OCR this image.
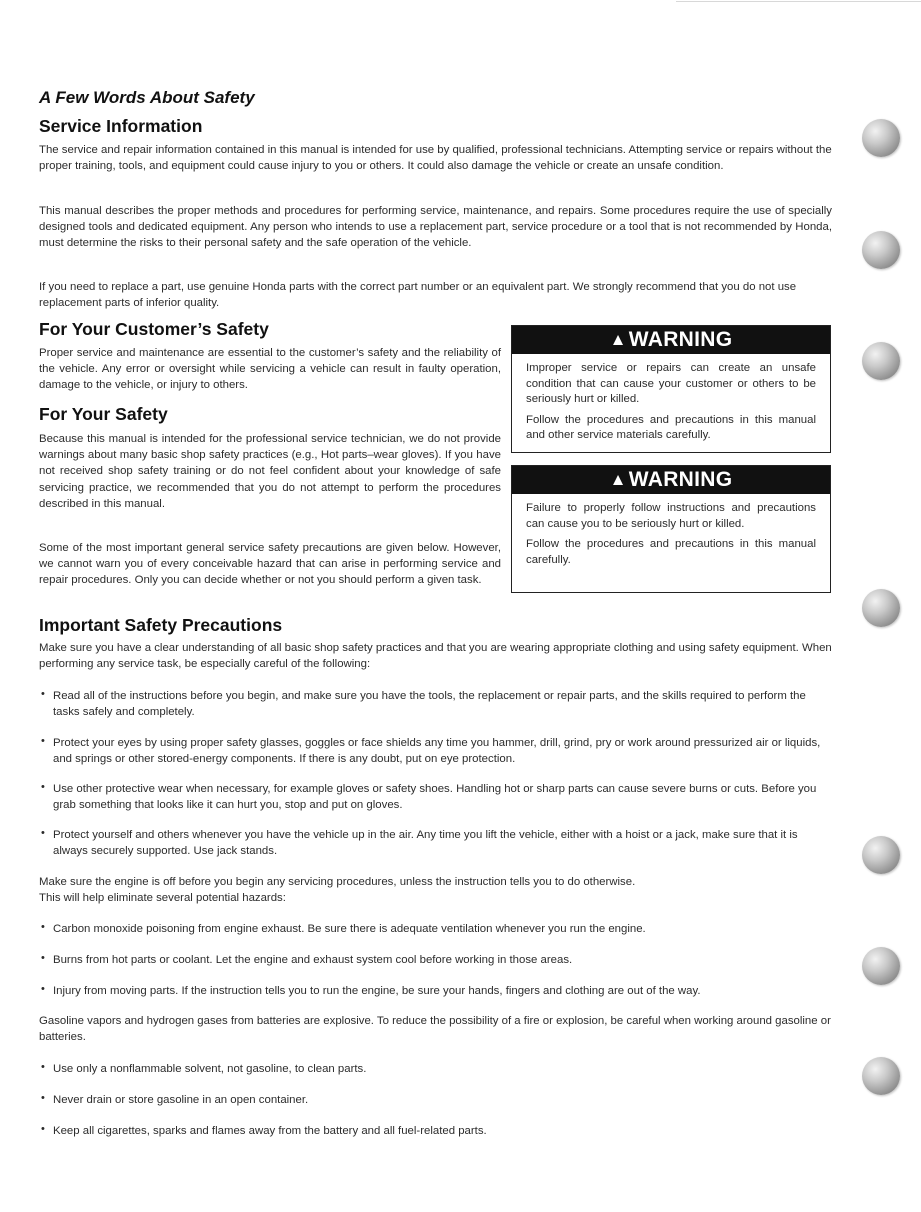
A Few Words About Safety
Service Information

The service and repair information contained in this manual is intended for use by qualified, professional technicians. Attempting service or repairs without the proper training, tools, and equipment could cause injury to you or others. It could also damage the vehicle or create an unsafe condition.

This manual describes the proper methods and procedures for performing service, maintenance, and repairs. Some procedures require the use of specially designed tools and dedicated equipment. Any person who intends to use a replacement part, service procedure or a tool that is not recommended by Honda, must determine the risks to their personal safety and the safe operation of the vehicle.

If you need to replace a part, use genuine Honda parts with the correct part number or an equivalent part. We strongly recommend that you do not use replacement parts of inferior quality.

For Your Customer’s Safety

Proper service and maintenance are essential to the customer’s safety and the reliability of the vehicle. Any error or oversight while servicing a vehicle can result in faulty operation, damage to the vehicle, or injury to others.

For Your Safety

Because this manual is intended for the professional service technician, we do not provide warnings about many basic shop safety practices (e.g., Hot parts–wear gloves). If you have not received shop safety training or do not feel confident about your knowledge of safe servicing practice, we recommended that you do not attempt to perform the procedures described in this manual.

Some of the most important general service safety precautions are given below. However, we cannot warn you of every conceivable hazard that can arise in performing service and repair procedures. Only you can decide whether or not you should perform a given task.

▲WARNING

Improper service or repairs can create an unsafe condition that can cause your customer or others to be seriously hurt or killed.

Follow the procedures and precautions in this manual and other service materials carefully.

▲WARNING

Failure to properly follow instructions and precautions can cause you to be seriously hurt or killed.

Follow the procedures and precautions in this manual carefully.

Important Safety Precautions

Make sure you have a clear understanding of all basic shop safety practices and that you are wearing appropriate clothing and using safety equipment. When performing any service task, be especially careful of the following:

• Read all of the instructions before you begin, and make sure you have the tools, the replacement or repair parts, and the skills required to perform the tasks safely and completely.

• Protect your eyes by using proper safety glasses, goggles or face shields any time you hammer, drill, grind, pry or work around pressurized air or liquids, and springs or other stored-energy components. If there is any doubt, put on eye protection.

• Use other protective wear when necessary, for example gloves or safety shoes. Handling hot or sharp parts can cause severe burns or cuts. Before you grab something that looks like it can hurt you, stop and put on gloves.

• Protect yourself and others whenever you have the vehicle up in the air. Any time you lift the vehicle, either with a hoist or a jack, make sure that it is always securely supported. Use jack stands.

Make sure the engine is off before you begin any servicing procedures, unless the instruction tells you to do otherwise.

This will help eliminate several potential hazards:

• Carbon monoxide poisoning from engine exhaust. Be sure there is adequate ventilation whenever you run the engine.

• Burns from hot parts or coolant. Let the engine and exhaust system cool before working in those areas.

• Injury from moving parts. If the instruction tells you to run the engine, be sure your hands, fingers and clothing are out of the way.

Gasoline vapors and hydrogen gases from batteries are explosive. To reduce the possibility of a fire or explosion, be careful when working around gasoline or batteries.

• Use only a nonflammable solvent, not gasoline, to clean parts.

• Never drain or store gasoline in an open container.

• Keep all cigarettes, sparks and flames away from the battery and all fuel-related parts.
